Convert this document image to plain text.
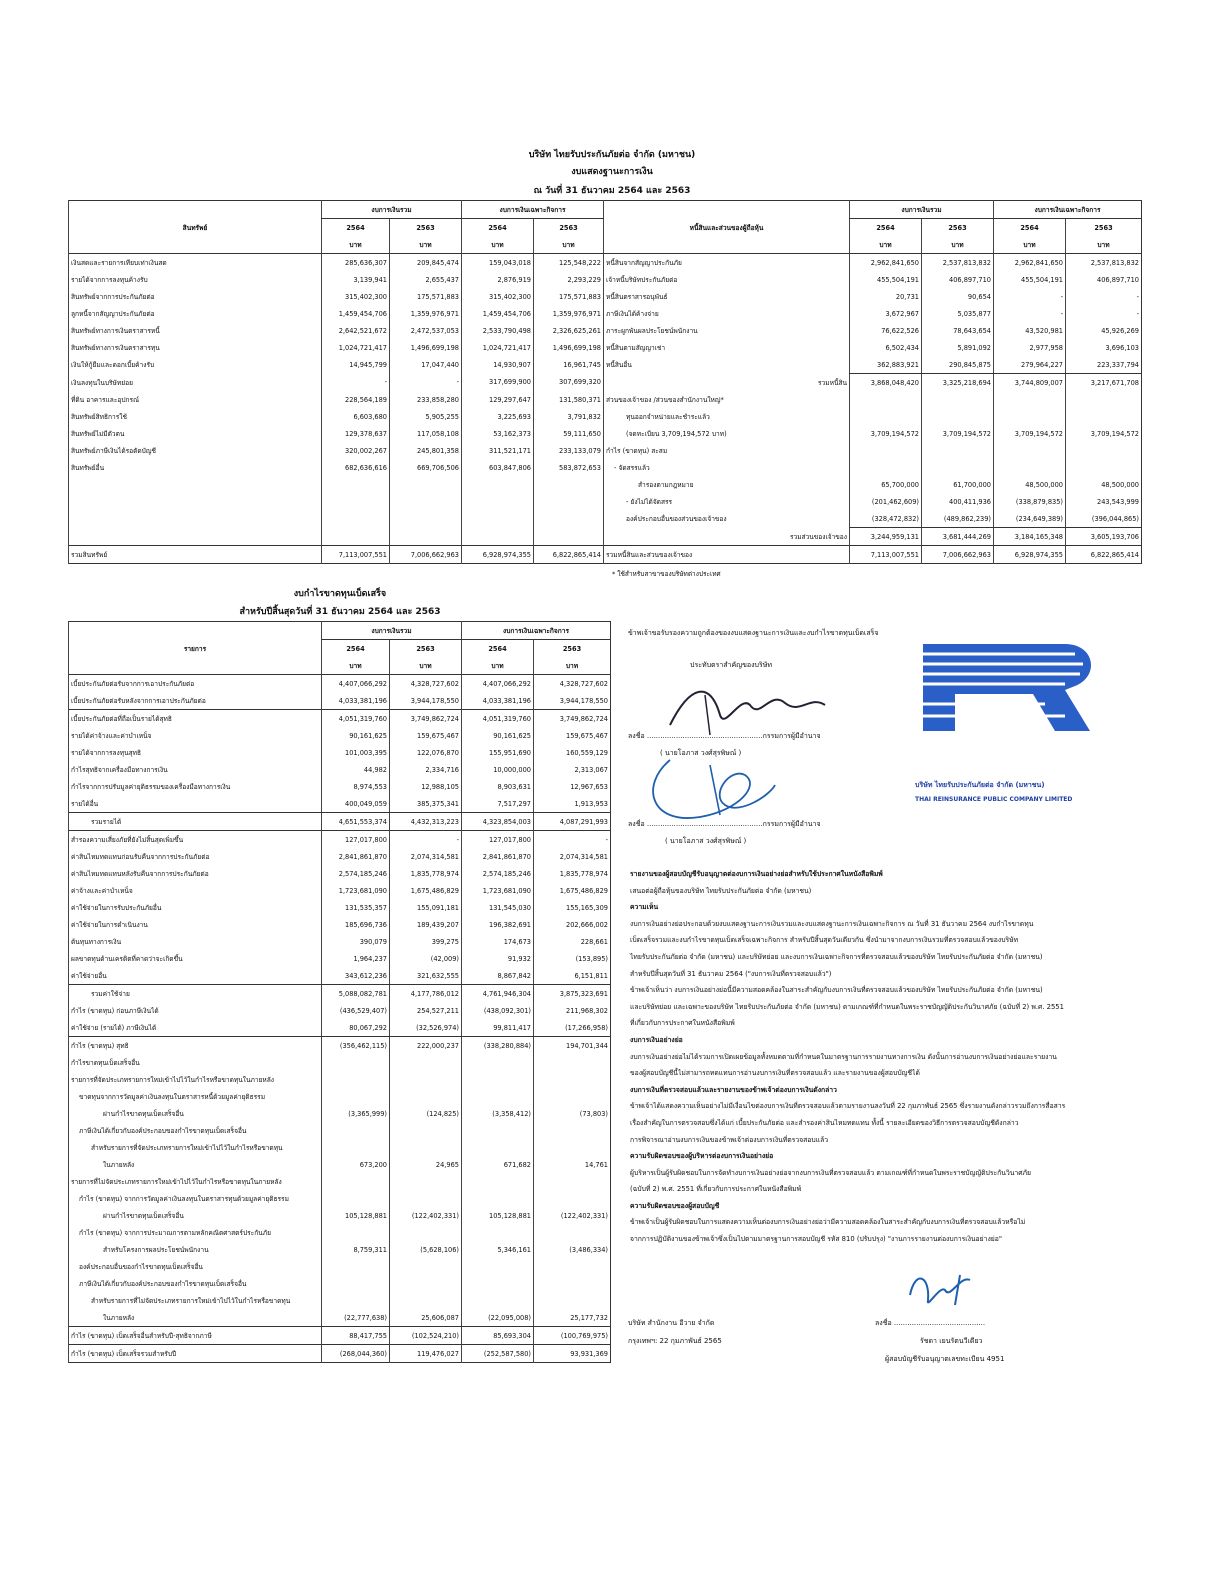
บริษัท ไทยรับประกันภัยต่อ จำกัด (มหาชน)
งบแสดงฐานะการเงิน
ณ วันที่ 31 ธันวาคม 2564 และ 2563
สินทรัพย์	งบการเงินรวม		งบการเงินเฉพาะกิจการ		หนี้สินและส่วนของผู้ถือหุ้น	งบการเงินรวม		งบการเงินเฉพาะกิจการ	
	2564	2563	2564	2563		2564	2563	2564	2563
	บาท	บาท	บาท	บาท		บาท	บาท	บาท	บาท
เงินสดและรายการเทียบเท่าเงินสด	285,636,307	209,845,474	159,043,018	125,548,222	หนี้สินจากสัญญาประกันภัย	2,962,841,650	2,537,813,832	2,962,841,650	2,537,813,832
รายได้จากการลงทุนค้างรับ	3,139,941	2,655,437	2,876,919	2,293,229	เจ้าหนี้บริษัทประกันภัยต่อ	455,504,191	406,897,710	455,504,191	406,897,710
สินทรัพย์จากการประกันภัยต่อ	315,402,300	175,571,883	315,402,300	175,571,883	หนี้สินตราสารอนุพันธ์	20,731	90,654	-	-
ลูกหนี้จากสัญญาประกันภัยต่อ	1,459,454,706	1,359,976,971	1,459,454,706	1,359,976,971	ภาษีเงินได้ค้างจ่าย	3,672,967	5,035,877	-	-
สินทรัพย์ทางการเงินตราสารหนี้	2,642,521,672	2,472,537,053	2,533,790,498	2,326,625,261	ภาระผูกพันผลประโยชน์พนักงาน	76,622,526	78,643,654	43,520,981	45,926,269
สินทรัพย์ทางการเงินตราสารทุน	1,024,721,417	1,496,699,198	1,024,721,417	1,496,699,198	หนี้สินตามสัญญาเช่า	6,502,434	5,891,092	2,977,958	3,696,103
เงินให้กู้ยืมและดอกเบี้ยค้างรับ	14,945,799	17,047,440	14,930,907	16,961,745	หนี้สินอื่น	362,883,921	290,845,875	279,964,227	223,337,794
เงินลงทุนในบริษัทย่อย	-	-	317,699,900	307,699,320	รวมหนี้สิน	3,868,048,420	3,325,218,694	3,744,809,007	3,217,671,708
ที่ดิน อาคารและอุปกรณ์	228,564,189	233,858,280	129,297,647	131,580,371	ส่วนของเจ้าของ /ส่วนของสำนักงานใหญ่*				
สินทรัพย์สิทธิการใช้	6,603,680	5,905,255	3,225,693	3,791,832	ทุนออกจำหน่ายและชำระแล้ว				
สินทรัพย์ไม่มีตัวตน	129,378,637	117,058,108	53,162,373	59,111,650	(จดทะเบียน 3,709,194,572 บาท)	3,709,194,572	3,709,194,572	3,709,194,572	3,709,194,572
สินทรัพย์ภาษีเงินได้รอตัดบัญชี	320,002,267	245,801,358	311,521,171	233,133,079	กำไร (ขาดทุน) สะสม				
สินทรัพย์อื่น	682,636,616	669,706,506	603,847,806	583,872,653	- จัดสรรแล้ว				
					สำรองตามกฎหมาย	65,700,000	61,700,000	48,500,000	48,500,000
					- ยังไม่ได้จัดสรร	(201,462,609)	400,411,936	(338,879,835)	243,543,999
					องค์ประกอบอื่นของส่วนของเจ้าของ	(328,472,832)	(489,862,239)	(234,649,389)	(396,044,865)
					รวมส่วนของเจ้าของ	3,244,959,131	3,681,444,269	3,184,165,348	3,605,193,706
รวมสินทรัพย์	7,113,007,551	7,006,662,963	6,928,974,355	6,822,865,414	รวมหนี้สินและส่วนของเจ้าของ	7,113,007,551	7,006,662,963	6,928,974,355	6,822,865,414
* ใช้สำหรับสาขาของบริษัทต่างประเทศ
งบกำไรขาดทุนเบ็ดเสร็จ
สำหรับปีสิ้นสุดวันที่ 31 ธันวาคม 2564 และ 2563
รายการ	งบการเงินรวม		งบการเงินเฉพาะกิจการ	
	2564	2563	2564	2563
	บาท	บาท	บาท	บาท
เบี้ยประกันภัยต่อรับจากการเอาประกันภัยต่อ	4,407,066,292	4,328,727,602	4,407,066,292	4,328,727,602
เบี้ยประกันภัยต่อรับหลังจากการเอาประกันภัยต่อ	4,033,381,196	3,944,178,550	4,033,381,196	3,944,178,550
เบี้ยประกันภัยต่อที่ถือเป็นรายได้สุทธิ	4,051,319,760	3,749,862,724	4,051,319,760	3,749,862,724
รายได้ค่าจ้างและค่าบำเหน็จ	90,161,625	159,675,467	90,161,625	159,675,467
รายได้จากการลงทุนสุทธิ	101,003,395	122,076,870	155,951,690	160,559,129
กำไรสุทธิจากเครื่องมือทางการเงิน	44,982	2,334,716	10,000,000	2,313,067
กำไรจากการปรับมูลค่ายุติธรรมของเครื่องมือทางการเงิน	8,974,553	12,988,105	8,903,631	12,967,653
รายได้อื่น	400,049,059	385,375,341	7,517,297	1,913,953
รวมรายได้	4,651,553,374	4,432,313,223	4,323,854,003	4,087,291,993
สำรองความเสี่ยงภัยที่ยังไม่สิ้นสุดเพิ่มขึ้น	127,017,800	-	127,017,800	-
ค่าสินไหมทดแทนก่อนรับคืนจากการประกันภัยต่อ	2,841,861,870	2,074,314,581	2,841,861,870	2,074,314,581
ค่าสินไหมทดแทนหลังรับคืนจากการประกันภัยต่อ	2,574,185,246	1,835,778,974	2,574,185,246	1,835,778,974
ค่าจ้างและค่าบำเหน็จ	1,723,681,090	1,675,486,829	1,723,681,090	1,675,486,829
ค่าใช้จ่ายในการรับประกันภัยอื่น	131,535,357	155,091,181	131,545,030	155,165,309
ค่าใช้จ่ายในการดำเนินงาน	185,696,736	189,439,207	196,382,691	202,666,002
ต้นทุนทางการเงิน	390,079	399,275	174,673	228,661
ผลขาดทุนด้านเครดิตที่คาดว่าจะเกิดขึ้น	1,964,237	(42,009)	91,932	(153,895)
ค่าใช้จ่ายอื่น	343,612,236	321,632,555	8,867,842	6,151,811
รวมค่าใช้จ่าย	5,088,082,781	4,177,786,012	4,761,946,304	3,875,323,691
กำไร (ขาดทุน) ก่อนภาษีเงินได้	(436,529,407)	254,527,211	(438,092,301)	211,968,302
ค่าใช้จ่าย (รายได้) ภาษีเงินได้	80,067,292	(32,526,974)	99,811,417	(17,266,958)
กำไร (ขาดทุน) สุทธิ	(356,462,115)	222,000,237	(338,280,884)	194,701,344
กำไรขาดทุนเบ็ดเสร็จอื่น				
รายการที่จัดประเภทรายการใหม่เข้าไปไว้ในกำไรหรือขาดทุนในภายหลัง				
ขาดทุนจากการวัดมูลค่าเงินลงทุนในตราสารหนี้ด้วยมูลค่ายุติธรรม				
ผ่านกำไรขาดทุนเบ็ดเสร็จอื่น	(3,365,999)	(124,825)	(3,358,412)	(73,803)
ภาษีเงินได้เกี่ยวกับองค์ประกอบของกำไรขาดทุนเบ็ดเสร็จอื่น				
สำหรับรายการที่จัดประเภทรายการใหม่เข้าไปไว้ในกำไรหรือขาดทุน				
ในภายหลัง	673,200	24,965	671,682	14,761
รายการที่ไม่จัดประเภทรายการใหม่เข้าไปไว้ในกำไรหรือขาดทุนในภายหลัง				
กำไร (ขาดทุน) จากการวัดมูลค่าเงินลงทุนในตราสารทุนด้วยมูลค่ายุติธรรม				
ผ่านกำไรขาดทุนเบ็ดเสร็จอื่น	105,128,881	(122,402,331)	105,128,881	(122,402,331)
กำไร (ขาดทุน) จากการประมาณการตามหลักคณิตศาสตร์ประกันภัย				
สำหรับโครงการผลประโยชน์พนักงาน	8,759,311	(5,628,106)	5,346,161	(3,486,334)
องค์ประกอบอื่นของกำไรขาดทุนเบ็ดเสร็จอื่น				
ภาษีเงินได้เกี่ยวกับองค์ประกอบของกำไรขาดทุนเบ็ดเสร็จอื่น				
สำหรับรายการที่ไม่จัดประเภทรายการใหม่เข้าไปไว้ในกำไรหรือขาดทุน				
ในภายหลัง	(22,777,638)	25,606,087	(22,095,008)	25,177,732
กำไร (ขาดทุน) เบ็ดเสร็จอื่นสำหรับปี-สุทธิจากภาษี	88,417,755	(102,524,210)	85,693,304	(100,769,975)
กำไร (ขาดทุน) เบ็ดเสร็จรวมสำหรับปี	(268,044,360)	119,476,027	(252,587,580)	93,931,369
ข้าพเจ้าขอรับรองความถูกต้องของงบแสดงฐานะการเงินและงบกำไรขาดทุนเบ็ดเสร็จ
ประทับตราสำคัญของบริษัท
ลงชื่อ ....................................................กรรมการผู้มีอำนาจ
( นายโอภาส วงศ์สุรพิษณ์ )
ลงชื่อ ....................................................กรรมการผู้มีอำนาจ
( นายโอภาส วงศ์สุรพิษณ์ )
บริษัท ไทยรับประกันภัยต่อ จำกัด (มหาชน)
THAI REINSURANCE PUBLIC COMPANY LIMITED
รายงานของผู้สอบบัญชีรับอนุญาตต่องบการเงินอย่างย่อสำหรับใช้ประกาศในหนังสือพิมพ์
เสนอต่อผู้ถือหุ้นของบริษัท ไทยรับประกันภัยต่อ จำกัด (มหาชน)
ความเห็น
งบการเงินอย่างย่อประกอบด้วยงบแสดงฐานะการเงินรวมและงบแสดงฐานะการเงินเฉพาะกิจการ ณ วันที่ 31 ธันวาคม 2564 งบกำไรขาดทุน
เบ็ดเสร็จรวมและงบกำไรขาดทุนเบ็ดเสร็จเฉพาะกิจการ สำหรับปีสิ้นสุดวันเดียวกัน ซึ่งนำมาจากงบการเงินรวมที่ตรวจสอบแล้วของบริษัท
ไทยรับประกันภัยต่อ จำกัด (มหาชน) และบริษัทย่อย และงบการเงินเฉพาะกิจการที่ตรวจสอบแล้วของบริษัท ไทยรับประกันภัยต่อ จำกัด (มหาชน)
สำหรับปีสิ้นสุดวันที่ 31 ธันวาคม 2564 ("งบการเงินที่ตรวจสอบแล้ว")
ข้าพเจ้าเห็นว่า งบการเงินอย่างย่อนี้มีความสอดคล้องในสาระสำคัญกับงบการเงินที่ตรวจสอบแล้วของบริษัท ไทยรับประกันภัยต่อ จำกัด (มหาชน)
และบริษัทย่อย และเฉพาะของบริษัท ไทยรับประกันภัยต่อ จำกัด (มหาชน) ตามเกณฑ์ที่กำหนดในพระราชบัญญัติประกันวินาศภัย (ฉบับที่ 2) พ.ศ. 2551
ที่เกี่ยวกับการประกาศในหนังสือพิมพ์
งบการเงินอย่างย่อ
งบการเงินอย่างย่อไม่ได้รวมการเปิดเผยข้อมูลทั้งหมดตามที่กำหนดในมาตรฐานการรายงานทางการเงิน ดังนั้นการอ่านงบการเงินอย่างย่อและรายงาน
ของผู้สอบบัญชีนี้ไม่สามารถทดแทนการอ่านงบการเงินที่ตรวจสอบแล้ว และรายงานของผู้สอบบัญชีได้
งบการเงินที่ตรวจสอบแล้วและรายงานของข้าพเจ้าต่องบการเงินดังกล่าว
ข้าพเจ้าได้แสดงความเห็นอย่างไม่มีเงื่อนไขต่องบการเงินที่ตรวจสอบแล้วตามรายงานลงวันที่ 22 กุมภาพันธ์ 2565 ซึ่งรายงานดังกล่าวรวมถึงการสื่อสาร
เรื่องสำคัญในการตรวจสอบซึ่งได้แก่ เบี้ยประกันภัยต่อ และสำรองค่าสินไหมทดแทน ทั้งนี้ รายละเอียดของวิธีการตรวจสอบบัญชีดังกล่าว
การพิจารณาอ่านงบการเงินของข้าพเจ้าต่องบการเงินที่ตรวจสอบแล้ว
ความรับผิดชอบของผู้บริหารต่องบการเงินอย่างย่อ
ผู้บริหารเป็นผู้รับผิดชอบในการจัดทำงบการเงินอย่างย่อจากงบการเงินที่ตรวจสอบแล้ว ตามเกณฑ์ที่กำหนดในพระราชบัญญัติประกันวินาศภัย
(ฉบับที่ 2) พ.ศ. 2551 ที่เกี่ยวกับการประกาศในหนังสือพิมพ์
ความรับผิดชอบของผู้สอบบัญชี
ข้าพเจ้าเป็นผู้รับผิดชอบในการแสดงความเห็นต่องบการเงินอย่างย่อว่ามีความสอดคล้องในสาระสำคัญกับงบการเงินที่ตรวจสอบแล้วหรือไม่
จากการปฏิบัติงานของข้าพเจ้าซึ่งเป็นไปตามมาตรฐานการสอบบัญชี รหัส 810 (ปรับปรุง) "งานการรายงานต่องบการเงินอย่างย่อ"
บริษัท สำนักงาน อีวาย จำกัด
กรุงเทพฯ: 22 กุมภาพันธ์ 2565
ลงชื่อ .........................................
รัชดา เยนรัตนวีเดียว
ผู้สอบบัญชีรับอนุญาตเลขทะเบียน 4951
